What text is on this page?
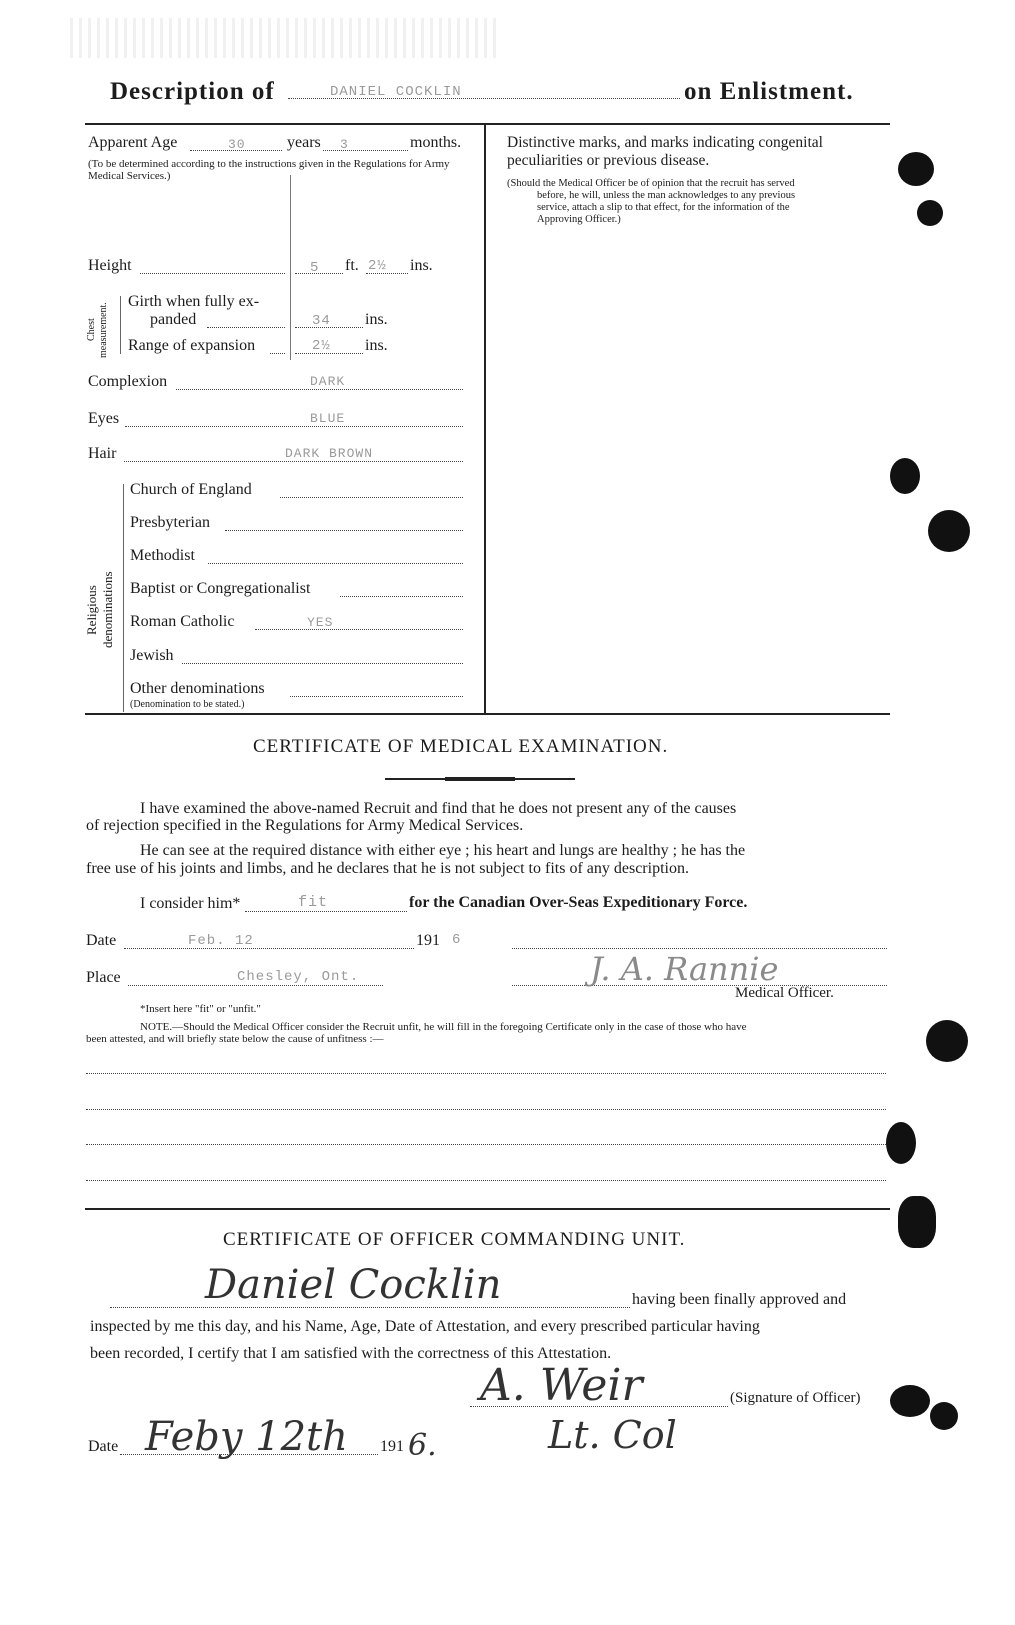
Description of	DANIEL COCKLIN	on Enlistment.
Apparent Age	30	years 3	months.
(To be determined according to the instructions given in the Regulations for Army Medical Services.)
Height	5 ft. 2½ ins.
Chest measurement.
Girth when fully ex-
panded	34 ins.
Range of expansion	2½ ins.
Complexion	DARK
Eyes	BLUE
Hair	DARK BROWN
Religious denominations
Church of England
Presbyterian
Methodist
Baptist or Congregationalist
Roman Catholic	YES
Jewish
Other denominations
(Denomination to be stated.)
Distinctive marks, and marks indicating congenital
peculiarities or previous disease.
(Should the Medical Officer be of opinion that the recruit has served
before, he will, unless the man acknowledges to any previous
service, attach a slip to that effect, for the information of the
Approving Officer.)
CERTIFICATE OF MEDICAL EXAMINATION.
I have examined the above-named Recruit and find that he does not present any of the causes
of rejection specified in the Regulations for Army Medical Services.
He can see at the required distance with either eye ; his heart and lungs are healthy ; he has the
free use of his joints and limbs, and he declares that he is not subject to fits of any description.
I consider him*	fit	for the Canadian Over-Seas Expeditionary Force.
Date	Feb. 12	191 6
Place	Chesley, Ont.	J. A. Rannie
Medical Officer.
*Insert here "fit" or "unfit."
NOTE.—Should the Medical Officer consider the Recruit unfit, he will fill in the foregoing Certificate only in the case of those who have
been attested, and will briefly state below the cause of unfitness :—
CERTIFICATE OF OFFICER COMMANDING UNIT.
Daniel Cocklin	having been finally approved and
inspected by me this day, and his Name, Age, Date of Attestation, and every prescribed particular having
been recorded, I certify that I am satisfied with the correctness of this Attestation.
A. Weir	(Signature of Officer)
Lt. Col
Date Feby 12th 191 6.
